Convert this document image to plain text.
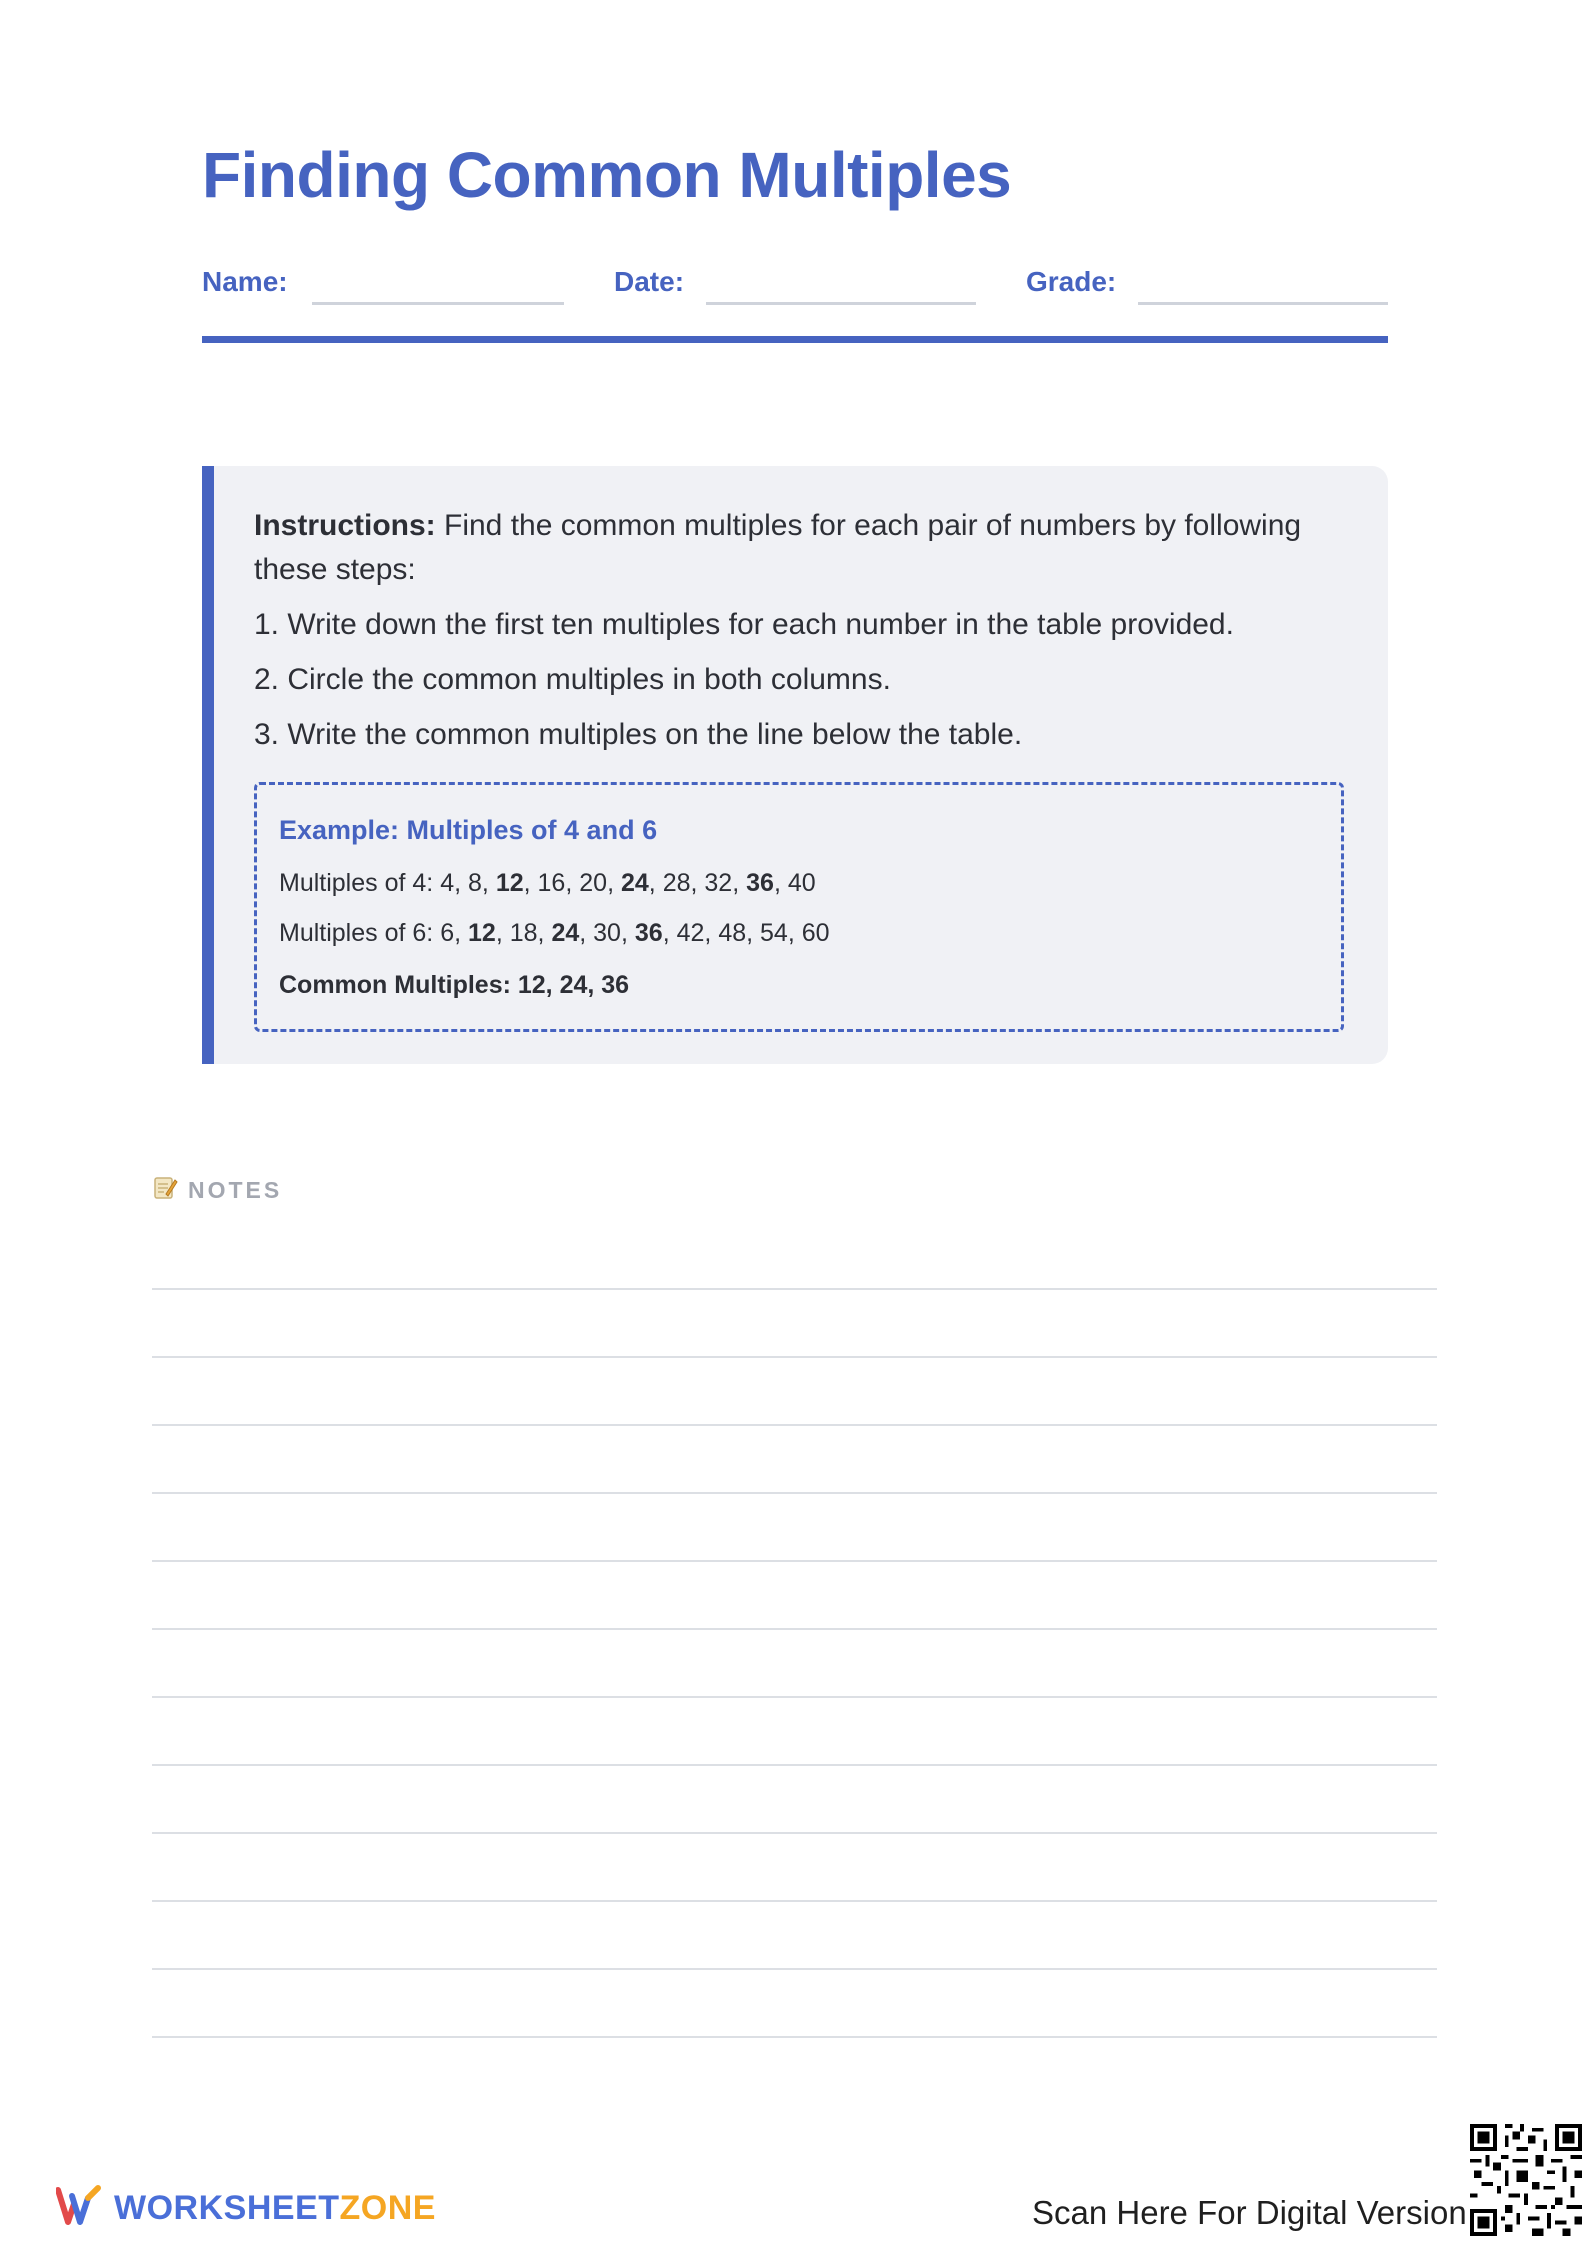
Finding Common Multiples
Name:	Date:	Grade:
Instructions: Find the common multiples for each pair of numbers by following these steps:
1. Write down the first ten multiples for each number in the table provided.
2. Circle the common multiples in both columns.
3. Write the common multiples on the line below the table.
Example: Multiples of 4 and 6
Multiples of 4: 4, 8, 12, 16, 20, 24, 28, 32, 36, 40
Multiples of 6: 6, 12, 18, 24, 30, 36, 42, 48, 54, 60
Common Multiples: 12, 24, 36
NOTES
WORKSHEETZONE	Scan Here For Digital Version
